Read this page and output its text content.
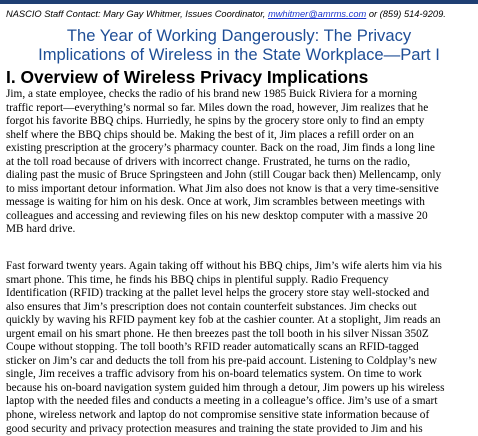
NASCIO Staff Contact: Mary Gay Whitmer, Issues Coordinator, mwhitmer@amrms.com or (859) 514-9209.
The Year of Working Dangerously: The Privacy
Implications of Wireless in the State Workplace—Part I
I. Overview of Wireless Privacy Implications
Jim, a state employee, checks the radio of his brand new 1985 Buick Riviera for a morning
traffic report—everything’s normal so far. Miles down the road, however, Jim realizes that he
forgot his favorite BBQ chips. Hurriedly, he spins by the grocery store only to find an empty
shelf where the BBQ chips should be. Making the best of it, Jim places a refill order on an
existing prescription at the grocery’s pharmacy counter. Back on the road, Jim finds a long line
at the toll road because of drivers with incorrect change. Frustrated, he turns on the radio,
dialing past the music of Bruce Springsteen and John (still Cougar back then) Mellencamp, only
to miss important detour information. What Jim also does not know is that a very time-sensitive
message is waiting for him on his desk. Once at work, Jim scrambles between meetings with
colleagues and accessing and reviewing files on his new desktop computer with a massive 20
MB hard drive.
Fast forward twenty years. Again taking off without his BBQ chips, Jim’s wife alerts him via his
smart phone. This time, he finds his BBQ chips in plentiful supply. Radio Frequency
Identification (RFID) tracking at the pallet level helps the grocery store stay well-stocked and
also ensures that Jim’s prescription does not contain counterfeit substances. Jim checks out
quickly by waving his RFID payment key fob at the cashier counter. At a stoplight, Jim reads an
urgent email on his smart phone. He then breezes past the toll booth in his silver Nissan 350Z
Coupe without stopping. The toll booth’s RFID reader automatically scans an RFID-tagged
sticker on Jim’s car and deducts the toll from his pre-paid account. Listening to Coldplay’s new
single, Jim receives a traffic advisory from his on-board telematics system. On time to work
because his on-board navigation system guided him through a detour, Jim powers up his wireless
laptop with the needed files and conducts a meeting in a colleague’s office. Jim’s use of a smart
phone, wireless network and laptop do not compromise sensitive state information because of
good security and privacy protection measures and training the state provided to Jim and his
